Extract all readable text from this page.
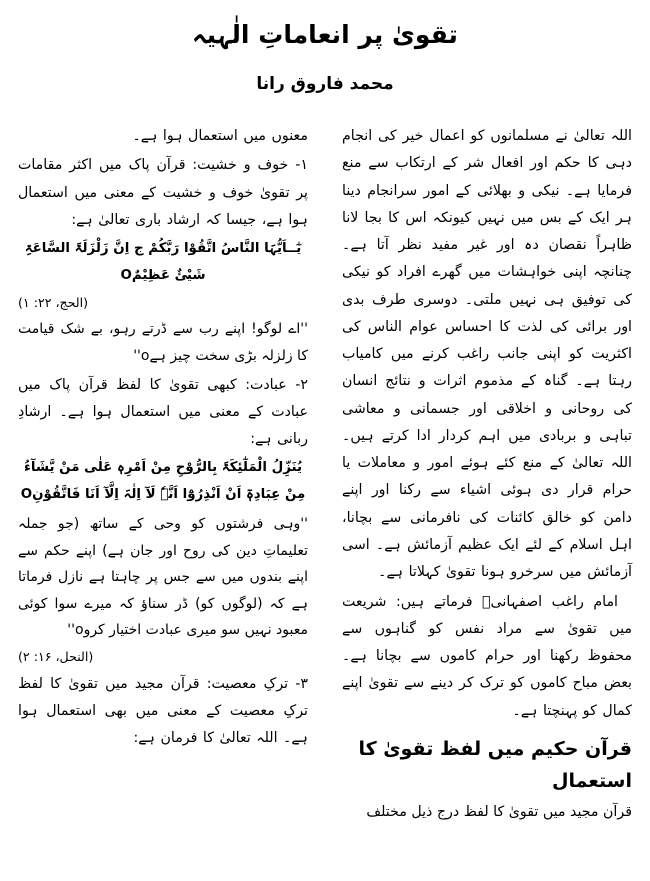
تقویٰ پر انعاماتِ الٰہیہ
محمد فاروق رانا

اللہ تعالیٰ نے مسلمانوں کو اعمال خیر کی انجام دہی کا حکم اور افعال شر کے ارتکاب سے منع فرمایا ہے۔ نیکی و بھلائی کے امور سرانجام دینا ہر ایک کے بس میں نہیں کیونکہ اس کا بجا لانا ظاہراً نقصان دہ اور غیر مفید نظر آتا ہے۔ چنانچہ اپنی خواہشات میں گھرے افراد کو نیکی کی توفیق ہی نہیں ملتی۔ دوسری طرف بدی اور برائی کی لذت کا احساس عوام الناس کی اکثریت کو اپنی جانب راغب کرنے میں کامیاب رہتا ہے۔ گناہ کے مذموم اثرات و نتائج انسان کی روحانی و اخلاقی اور جسمانی و معاشی تباہی و بربادی میں اہم کردار ادا کرتے ہیں۔ اللہ تعالیٰ کے منع کئے ہوئے امور و معاملات یا حرام قرار دی ہوئی اشیاء سے رکنا اور اپنے دامن کو خالق کائنات کی نافرمانی سے بچانا، اہل اسلام کے لئے ایک عظیم آزمائش ہے۔ اسی آزمائش میں سرخرو ہونا تقویٰ کہلاتا ہے۔

امام راغب اصفہانیؒ فرماتے ہیں: شریعت میں تقویٰ سے مراد نفس کو گناہوں سے محفوظ رکھنا اور حرام کاموں سے بچانا ہے۔ بعض مباح کاموں کو ترک کر دینے سے تقویٰ اپنے کمال کو پہنچتا ہے۔

قرآن حکیم میں لفظ تقویٰ کا استعمال

قرآن مجید میں تقویٰ کا لفظ درج ذیل مختلف

معنوں میں استعمال ہوا ہے۔

۱- خوف و خشیت: قرآن پاک میں اکثر مقامات پر تقویٰ خوف و خشیت کے معنی میں استعمال ہوا ہے، جیسا کہ ارشاد باری تعالیٰ ہے:

یٰٓــاَیُّہَا النَّاسُ اتَّقُوْا رَبَّکُمْ ج اِنَّ زَلْزَلَۃَ السَّاعَۃِ شَیْئٌ عَظِیْمٌO

(الحج، ۲۲: ۱)

''اے لوگو! اپنے رب سے ڈرتے رہو، بے شک قیامت کا زلزلہ بڑی سخت چیز ہےo''

۲- عبادت: کبھی تقویٰ کا لفظ قرآن پاک میں عبادت کے معنی میں استعمال ہوا ہے۔ ارشادِ ربانی ہے:

یُنَزِّلُ الْمَلٰٓئِکَۃَ بِالرُّوْحِ مِنْ اَمْرِہٖ عَلٰی مَنْ یَّشَآءُ مِنْ عِبَادِہٖٓ اَنْ اَنْذِرُوْٓا اَنَّہٗ لَآ اِلٰہَ اِلَّآ اَنَا فَاتَّقُوْنِO

''وہی فرشتوں کو وحی کے ساتھ (جو جملہ تعلیماتِ دین کی روح اور جان ہے) اپنے حکم سے اپنے بندوں میں سے جس پر چاہتا ہے نازل فرماتا ہے کہ (لوگوں کو) ڈر سناؤ کہ میرے سوا کوئی معبود نہیں سو میری عبادت اختیار کروo''

(النحل، ۱۶: ۲)

۳- ترکِ معصیت: قرآن مجید میں تقویٰ کا لفظ ترکِ معصیت کے معنی میں بھی استعمال ہوا ہے۔ اللہ تعالیٰ کا فرمان ہے:
